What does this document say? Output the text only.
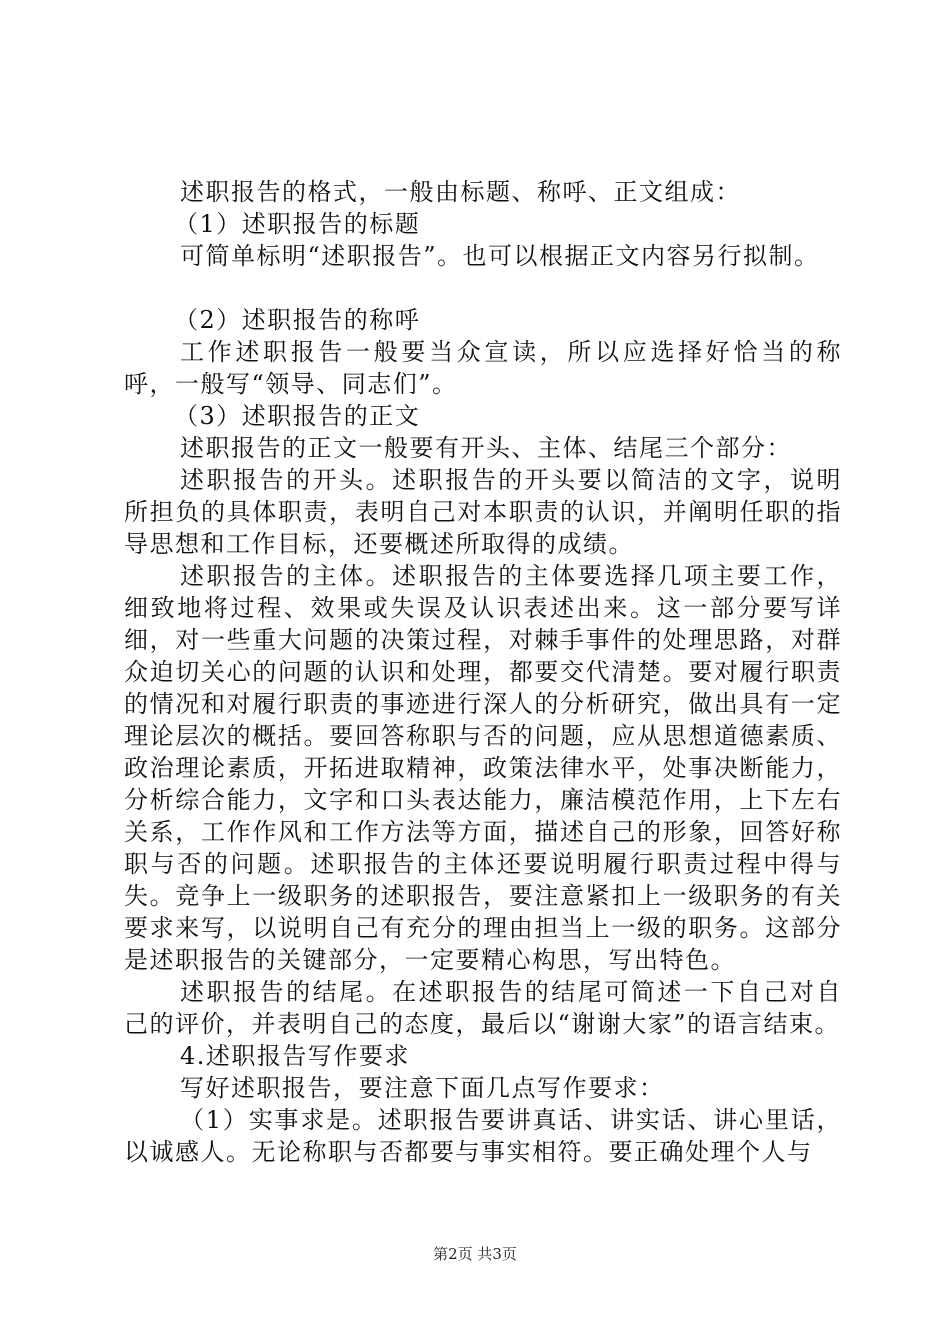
述职报告的格式，一般由标题、称呼、正文组成：

（1）述职报告的标题

可简单标明“述职报告”。也可以根据正文内容另行拟制。

（2）述职报告的称呼

工作述职报告一般要当众宣读，所以应选择好恰当的称呼，一般写“领导、同志们”。

（3）述职报告的正文

述职报告的正文一般要有开头、主体、结尾三个部分：

述职报告的开头。述职报告的开头要以简洁的文字，说明所担负的具体职责，表明自己对本职责的认识，并阐明任职的指导思想和工作目标，还要概述所取得的成绩。

述职报告的主体。述职报告的主体要选择几项主要工作，细致地将过程、效果或失误及认识表述出来。这一部分要写详细，对一些重大问题的决策过程，对棘手事件的处理思路，对群众迫切关心的问题的认识和处理，都要交代清楚。要对履行职责的情况和对履行职责的事迹进行深人的分析研究，做出具有一定理论层次的概括。要回答称职与否的问题，应从思想道德素质、政治理论素质，开拓进取精神，政策法律水平，处事决断能力，分析综合能力，文字和口头表达能力，廉洁模范作用，上下左右关系，工作作风和工作方法等方面，描述自己的形象，回答好称职与否的问题。述职报告的主体还要说明履行职责过程中得与失。竞争上一级职务的述职报告，要注意紧扣上一级职务的有关要求来写，以说明自己有充分的理由担当上一级的职务。这部分是述职报告的关键部分，一定要精心构思，写出特色。

述职报告的结尾。在述职报告的结尾可简述一下自己对自己的评价，并表明自己的态度，最后以“谢谢大家”的语言结束。

4.述职报告写作要求

写好述职报告，要注意下面几点写作要求：

（1）实事求是。述职报告要讲真话、讲实话、讲心里话，以诚感人。无论称职与否都要与事实相符。要正确处理个人与

第2页 共3页
